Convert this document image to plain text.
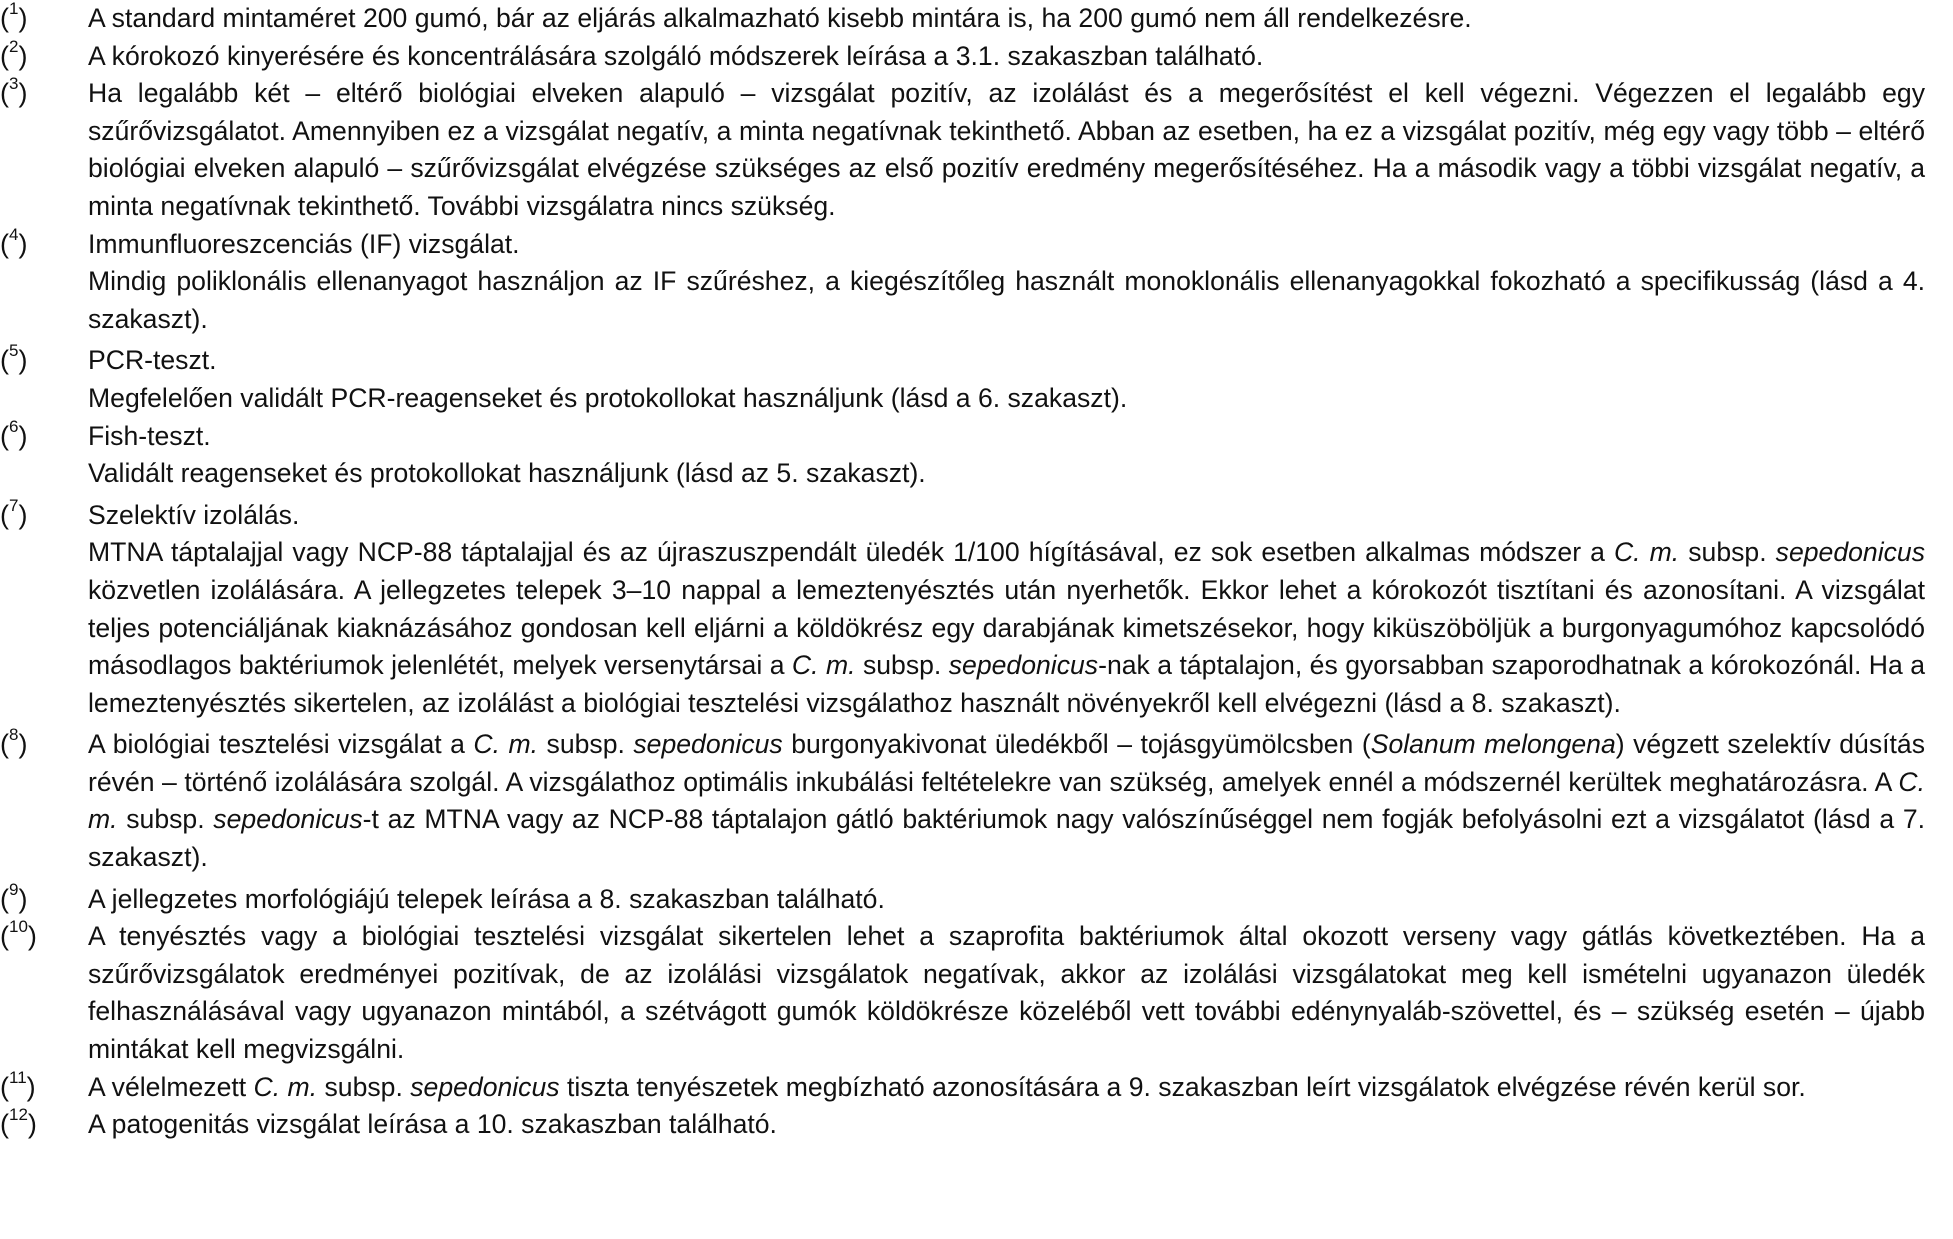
($^1$)	A standard mintaméret 200 gumó, bár az eljárás alkalmazható kisebb mintára is, ha 200 gumó nem áll rendelkezésre.

($^2$)	A kórokozó kinyerésére és koncentrálására szolgáló módszerek leírása a 3.1. szakaszban található.

($^3$)	Ha legalább két – eltérő biológiai elveken alapuló – vizsgálat pozitív, az izolálást és a megerősítést el kell végezni. Végezzen el legalább egy szűrővizsgálatot. Amennyiben ez a vizsgálat negatív, a minta negatívnak tekinthető. Abban az esetben, ha ez a vizsgálat pozitív, még egy vagy több – eltérő biológiai elveken alapuló – szűrővizsgálat elvégzése szükséges az első pozitív eredmény megerősítéséhez. Ha a második vagy a többi vizsgálat negatív, a minta negatívnak tekinthető. További vizsgálatra nincs szükség.

($^4$)	Immunfluoreszcenciás (IF) vizsgálat.

Mindig poliklonális ellenanyagot használjon az IF szűréshez, a kiegészítőleg használt monoklonális ellenanyagokkal fokozható a specifikusság (lásd a 4. szakaszt).

($^5$)	PCR-teszt.

Megfelelően validált PCR-reagenseket és protokollokat használjunk (lásd a 6. szakaszt).

($^6$)	Fish-teszt.

Validált reagenseket és protokollokat használjunk (lásd az 5. szakaszt).

($^7$)	Szelektív izolálás.

MTNA táptalajjal vagy NCP-88 táptalajjal és az újraszuszpendált üledék 1/100 hígításával, ez sok esetben alkalmas módszer a C. m. subsp. sepedonicus közvetlen izolálására. A jellegzetes telepek 3–10 nappal a lemeztenyésztés után nyerhetők. Ekkor lehet a kórokozót tisztítani és azonosítani. A vizsgálat teljes potenciáljának kiaknázásához gondosan kell eljárni a köldökrész egy darabjának kimetszésekor, hogy kiküszöböljük a burgonyagumóhoz kapcsolódó másodlagos baktériumok jelenlétét, melyek versenytársai a C. m. subsp. sepedonicus-nak a táptalajon, és gyorsabban szaporodhatnak a kórokozónál. Ha a lemeztenyésztés sikertelen, az izolálást a biológiai tesztelési vizsgálathoz használt növényekről kell elvégezni (lásd a 8. szakaszt).

($^8$)	A biológiai tesztelési vizsgálat a C. m. subsp. sepedonicus burgonyakivonat üledékből – tojásgyümölcsben (Solanum melongena) végzett szelektív dúsítás révén – történő izolálására szolgál. A vizsgálathoz optimális inkubálási feltételekre van szükség, amelyek ennél a módszernél kerültek meghatározásra. A C. m. subsp. sepedonicus-t az MTNA vagy az NCP-88 táptalajon gátló baktériumok nagy valószínűséggel nem fogják befolyásolni ezt a vizsgálatot (lásd a 7. szakaszt).

($^9$)	A jellegzetes morfológiájú telepek leírása a 8. szakaszban található.

($^{10}$)	A tenyésztés vagy a biológiai tesztelési vizsgálat sikertelen lehet a szaprofita baktériumok által okozott verseny vagy gátlás következtében. Ha a szűrővizsgálatok eredményei pozitívak, de az izolálási vizsgálatok negatívak, akkor az izolálási vizsgálatokat meg kell ismételni ugyanazon üledék felhasználásával vagy ugyanazon mintából, a szétvágott gumók köldökrésze közeléből vett további edénynyaláb-szövettel, és – szükség esetén – újabb mintákat kell megvizsgálni.

($^{11}$)	A vélelmezett C. m. subsp. sepedonicus tiszta tenyészetek megbízható azonosítására a 9. szakaszban leírt vizsgálatok elvégzése révén kerül sor.

($^{12}$)	A patogenitás vizsgálat leírása a 10. szakaszban található.
